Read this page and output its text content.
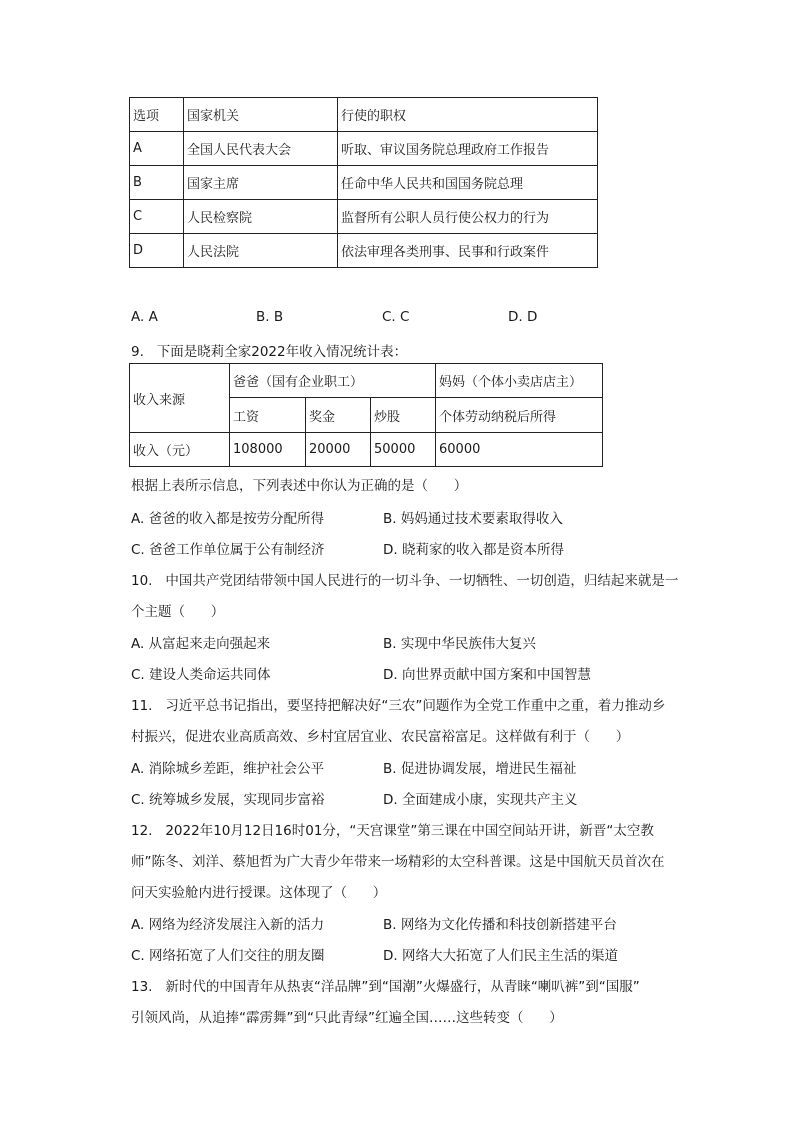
选项	国家机关	行使的职权
A	全国人民代表大会	听取、审议国务院总理政府工作报告
B	国家主席	任命中华人民共和国国务院总理
C	人民检察院	监督所有公职人员行使公权力的行为
D	人民法院	依法审理各类刑事、民事和行政案件
A. A	B. B	C. C	D. D
9.   下面是晓莉全家2022年收入情况统计表：
收入来源	爸爸（国有企业职工）			妈妈（个体小卖店店主）
	工资	奖金	炒股	个体劳动纳税后所得
收入（元）	108000	20000	50000	60000
根据上表所示信息，下列表述中你认为正确的是（      ）
A. 爸爸的收入都是按劳分配所得	B. 妈妈通过技术要素取得收入
C. 爸爸工作单位属于公有制经济	D. 晓莉家的收入都是资本所得
10.   中国共产党团结带领中国人民进行的一切斗争、一切牺牲、一切创造，归结起来就是一
个主题（      ）
A. 从富起来走向强起来	B. 实现中华民族伟大复兴
C. 建设人类命运共同体	D. 向世界贡献中国方案和中国智慧
11.   习近平总书记指出，要坚持把解决好“三农”问题作为全党工作重中之重，着力推动乡
村振兴，促进农业高质高效、乡村宜居宜业、农民富裕富足。这样做有利于（      ）
A. 消除城乡差距，维护社会公平	B. 促进协调发展，增进民生福祉
C. 统筹城乡发展，实现同步富裕	D. 全面建成小康，实现共产主义
12.   2022年10月12日16时01分，“天宫课堂”第三课在中国空间站开讲，新晋“太空教
师”陈冬、刘洋、蔡旭哲为广大青少年带来一场精彩的太空科普课。这是中国航天员首次在
问天实验舱内进行授课。这体现了（      ）
A. 网络为经济发展注入新的活力	B. 网络为文化传播和科技创新搭建平台
C. 网络拓宽了人们交往的朋友圈	D. 网络大大拓宽了人们民主生活的渠道
13.   新时代的中国青年从热衷“洋品牌”到“国潮”火爆盛行，从青睐“喇叭裤”到“国服”
引领风尚，从追捧“霹雳舞”到“只此青绿”红遍全国……这些转变（      ）
